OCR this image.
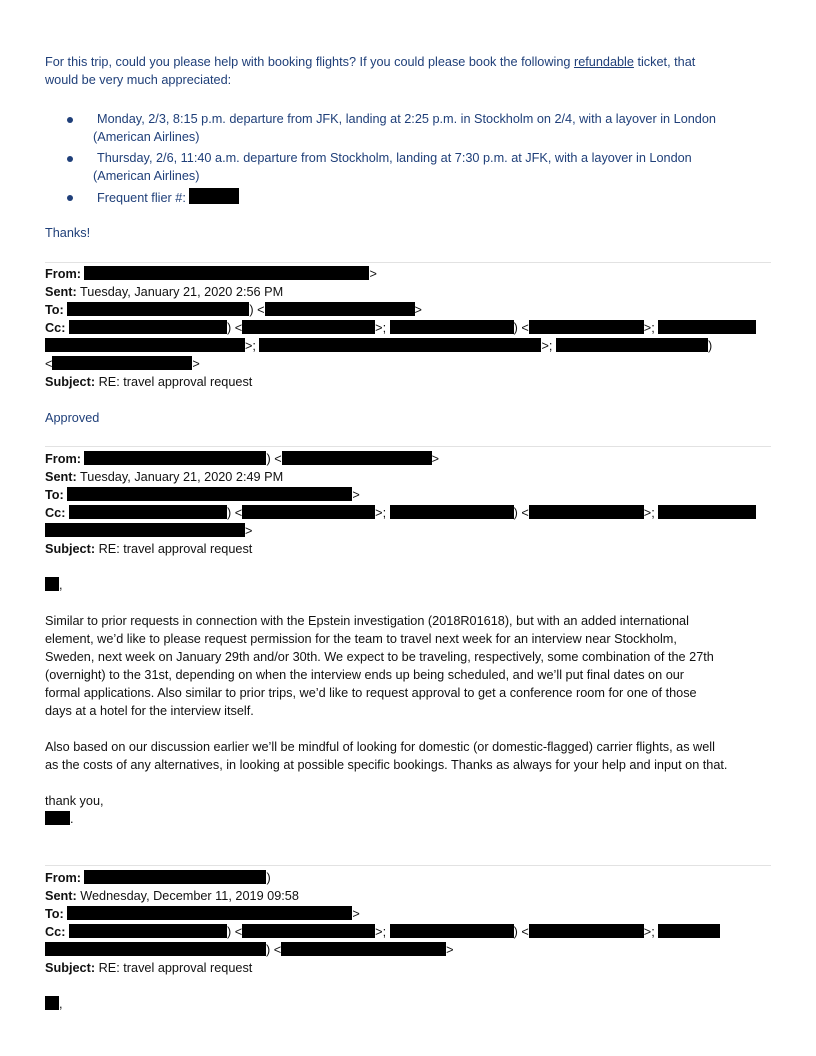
For this trip, could you please help with booking flights? If you could please book the following refundable ticket, that
would be very much appreciated:
Monday, 2/3, 8:15 p.m. departure from JFK, landing at 2:25 p.m. in Stockholm on 2/4, with a layover in London
(American Airlines)
Thursday, 2/6, 11:40 a.m. departure from Stockholm, landing at 7:30 p.m. at JFK, with a layover in London
(American Airlines)
Frequent flier #:
Thanks!
From:	>
Sent: Tuesday, January 21, 2020 2:56 PM
To:	) <	>
Cc:	) <	>;	) <	>;
>;	>;	)
<	>
Subject: RE: travel approval request
Approved
From:	) <	>
Sent: Tuesday, January 21, 2020 2:49 PM
To:	>
Cc:	) <	>;	) <	>;
>
Subject: RE: travel approval request
,
Similar to prior requests in connection with the Epstein investigation (2018R01618), but with an added international
element, we’d like to please request permission for the team to travel next week for an interview near Stockholm,
Sweden, next week on January 29th and/or 30th. We expect to be traveling, respectively, some combination of the 27th
(overnight) to the 31st, depending on when the interview ends up being scheduled, and we’ll put final dates on our
formal applications. Also similar to prior trips, we’d like to request approval to get a conference room for one of those
days at a hotel for the interview itself.
Also based on our discussion earlier we’ll be mindful of looking for domestic (or domestic-flagged) carrier flights, as well
as the costs of any alternatives, in looking at possible specific bookings. Thanks as always for your help and input on that.
thank you,
.
From:	)
Sent: Wednesday, December 11, 2019 09:58
To:	>
Cc:	) <	>;	) <	>;
) <	>
Subject: RE: travel approval request
,
